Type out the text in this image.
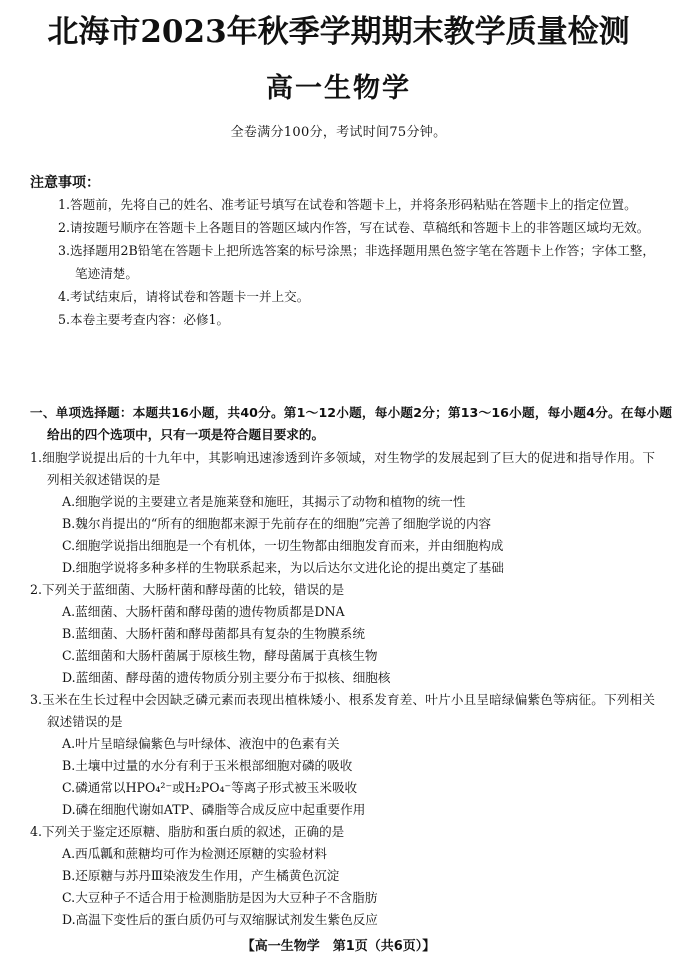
北海市2023年秋季学期期末教学质量检测
高一生物学
全卷满分100分，考试时间75分钟。
注意事项：
1.答题前，先将自己的姓名、准考证号填写在试卷和答题卡上，并将条形码粘贴在答题卡上的指定位置。
2.请按题号顺序在答题卡上各题目的答题区域内作答，写在试卷、草稿纸和答题卡上的非答题区域均无效。
3.选择题用2B铅笔在答题卡上把所选答案的标号涂黑；非选择题用黑色签字笔在答题卡上作答；字体工整，笔迹清楚。
4.考试结束后，请将试卷和答题卡一并上交。
5.本卷主要考查内容：必修1。
一、单项选择题：本题共16小题，共40分。第1～12小题，每小题2分；第13～16小题，每小题4分。在每小题给出的四个选项中，只有一项是符合题目要求的。
1.细胞学说提出后的十九年中，其影响迅速渗透到许多领域，对生物学的发展起到了巨大的促进和指导作用。下列相关叙述错误的是
A.细胞学说的主要建立者是施莱登和施旺，其揭示了动物和植物的统一性
B.魏尔肖提出的“所有的细胞都来源于先前存在的细胞”完善了细胞学说的内容
C.细胞学说指出细胞是一个有机体，一切生物都由细胞发育而来，并由细胞构成
D.细胞学说将多种多样的生物联系起来，为以后达尔文进化论的提出奠定了基础
2.下列关于蓝细菌、大肠杆菌和酵母菌的比较，错误的是
A.蓝细菌、大肠杆菌和酵母菌的遗传物质都是DNA
B.蓝细菌、大肠杆菌和酵母菌都具有复杂的生物膜系统
C.蓝细菌和大肠杆菌属于原核生物，酵母菌属于真核生物
D.蓝细菌、酵母菌的遗传物质分别主要分布于拟核、细胞核
3.玉米在生长过程中会因缺乏磷元素而表现出植株矮小、根系发育差、叶片小且呈暗绿偏紫色等病征。下列相关叙述错误的是
A.叶片呈暗绿偏紫色与叶绿体、液泡中的色素有关
B.土壤中过量的水分有利于玉米根部细胞对磷的吸收
C.磷通常以HPO₄²⁻或H₂PO₄⁻等离子形式被玉米吸收
D.磷在细胞代谢如ATP、磷脂等合成反应中起重要作用
4.下列关于鉴定还原糖、脂肪和蛋白质的叙述，正确的是
A.西瓜瓤和蔗糖均可作为检测还原糖的实验材料
B.还原糖与苏丹Ⅲ染液发生作用，产生橘黄色沉淀
C.大豆种子不适合用于检测脂肪是因为大豆种子不含脂肪
D.高温下变性后的蛋白质仍可与双缩脲试剂发生紫色反应
【高一生物学　第1页（共6页）】
